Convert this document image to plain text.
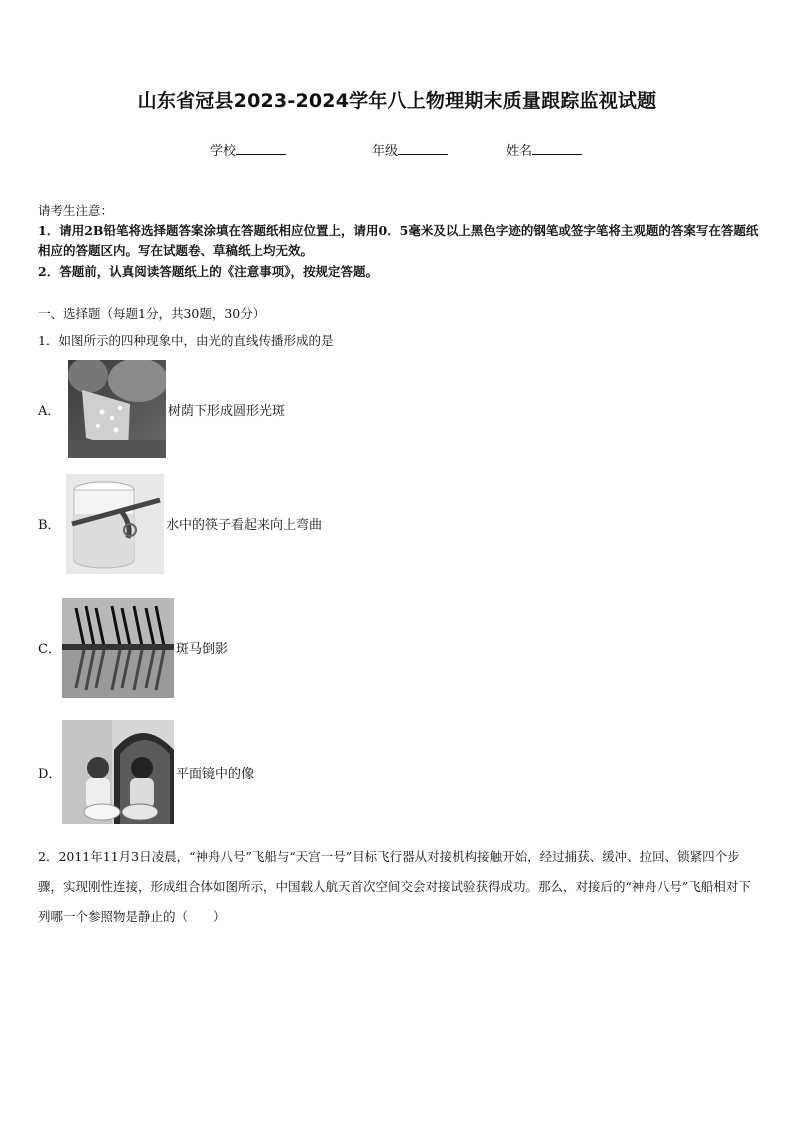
山东省冠县2023-2024学年八上物理期末质量跟踪监视试题
学校	年级	姓名
请考生注意：
1．请用2B铅笔将选择题答案涂填在答题纸相应位置上，请用0．5毫米及以上黑色字迹的钢笔或签字笔将主观题的答案写在答题纸相应的答题区内。写在试题卷、草稿纸上均无效。
2．答题前，认真阅读答题纸上的《注意事项》，按规定答题。
一、选择题（每题1分，共30题，30分）
1．如图所示的四种现象中，由光的直线传播形成的是
A．	树荫下形成圆形光斑
B．	水中的筷子看起来向上弯曲
C．	斑马倒影
D．	平面镜中的像
2．2011年11月3日凌晨，“神舟八号”飞船与“天宫一号”目标飞行器从对接机构接触开始，经过捕获、缓冲、拉回、锁紧四个步骤，实现刚性连接，形成组合体如图所示，中国载人航天首次空间交会对接试验获得成功。那么，对接后的“神舟八号”飞船相对下列哪一个参照物是静止的（　　）
